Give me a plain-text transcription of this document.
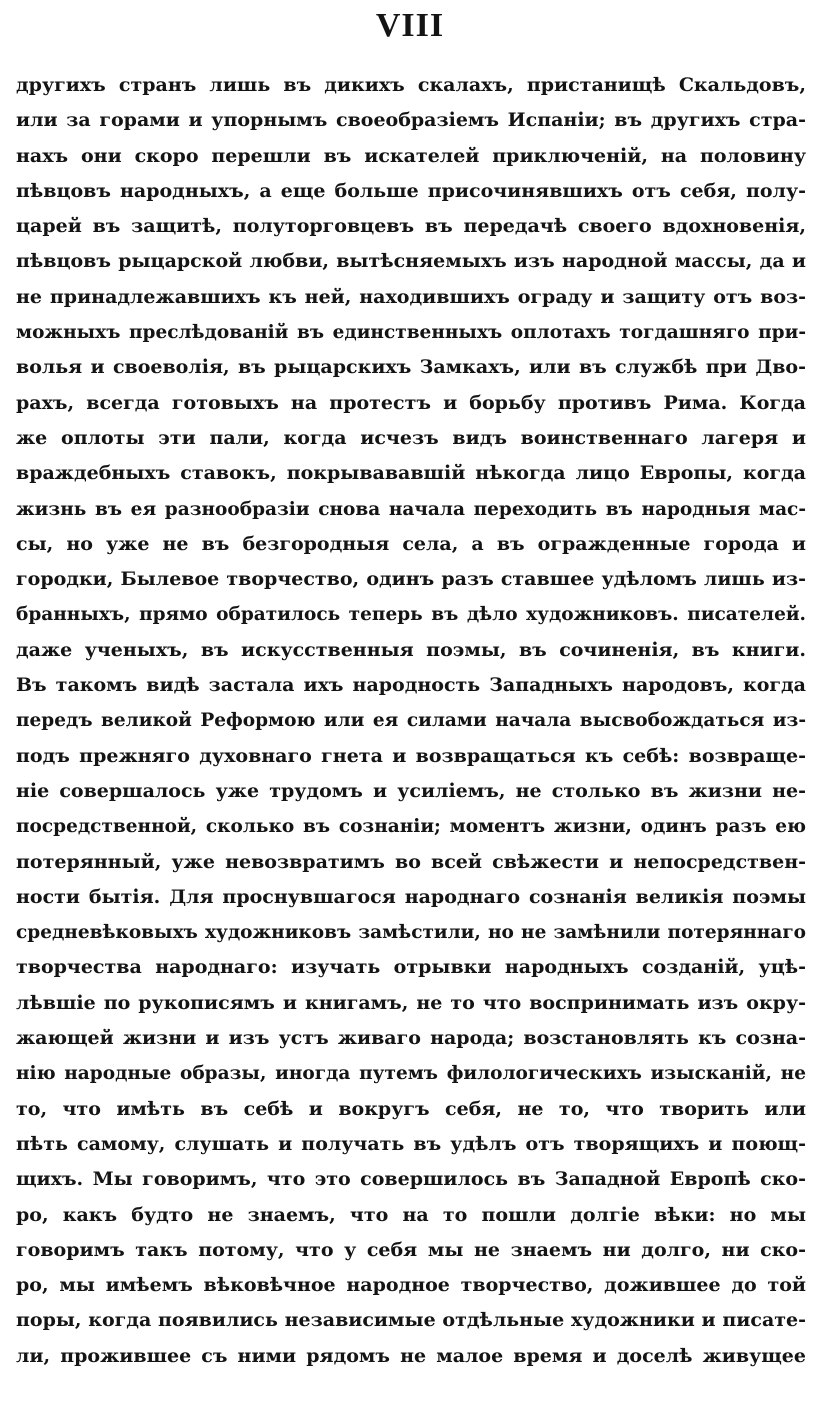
VIII
другихъ странъ лишь въ дикихъ скалахъ, пристанищѣ Скальдовъ,
или за горами и упорнымъ своеобразіемъ Испаніи; въ другихъ стра-
нахъ они скоро перешли въ искателей приключеній, на половину
пѣвцовъ народныхъ, а еще больше присочинявшихъ отъ себя, полу-
царей въ защитѣ, полуторговцевъ въ передачѣ своего вдохновенія,
пѣвцовъ рыцарской любви, вытѣсняемыхъ изъ народной массы, да и
не принадлежавшихъ къ ней, находившихъ ограду и защиту отъ воз-
можныхъ преслѣдованій въ единственныхъ оплотахъ тогдашняго при-
волья и своеволія, въ рыцарскихъ Замкахъ, или въ службѣ при Дво-
рахъ, всегда готовыхъ на протестъ и борьбу противъ Рима. Когда
же оплоты эти пали, когда исчезъ видъ воинственнаго лагеря и
враждебныхъ ставокъ, покрывававшій нѣкогда лицо Европы, когда
жизнь въ ея разнообразіи снова начала переходить въ народныя мас-
сы, но уже не въ безгородныя села, а въ огражденные города и
городки, Былевое творчество, одинъ разъ ставшее удѣломъ лишь из-
бранныхъ, прямо обратилось теперь въ дѣло художниковъ. писателей.
даже ученыхъ, въ искусственныя поэмы, въ сочиненія, въ книги.
Въ такомъ видѣ застала ихъ народность Западныхъ народовъ, когда
передъ великой Реформою или ея силами начала высвобождаться из-
подъ прежняго духовнаго гнета и возвращаться къ себѣ: возвраще-
ніе совершалось уже трудомъ и усиліемъ, не столько въ жизни не-
посредственной, сколько въ сознаніи; моментъ жизни, одинъ разъ ею
потерянный, уже невозвратимъ во всей свѣжести и непосредствен-
ности бытія. Для проснувшагося народнаго сознанія великія поэмы
средневѣковыхъ художниковъ замѣстили, но не замѣнили потеряннаго
творчества народнаго: изучать отрывки народныхъ созданій, уцѣ-
лѣвшіе по рукописямъ и книгамъ, не то что воспринимать изъ окру-
жающей жизни и изъ устъ живаго народа; возстановлять къ созна-
нію народные образы, иногда путемъ филологическихъ изысканій, не
то, что имѣть въ себѣ и вокругъ себя, не то, что творить или
пѣть самому, слушать и получать въ удѣлъ отъ творящихъ и поющ-
щихъ. Мы говоримъ, что это совершилось въ Западной Европѣ ско-
ро, какъ будто не знаемъ, что на то пошли долгіе вѣки: но мы
говоримъ такъ потому, что у себя мы не знаемъ ни долго, ни ско-
ро, мы имѣемъ вѣковѣчное народное творчество, дожившее до той
поры, когда появились независимые отдѣльные художники и писате-
ли, прожившее съ ними рядомъ не малое время и доселѣ живущее
